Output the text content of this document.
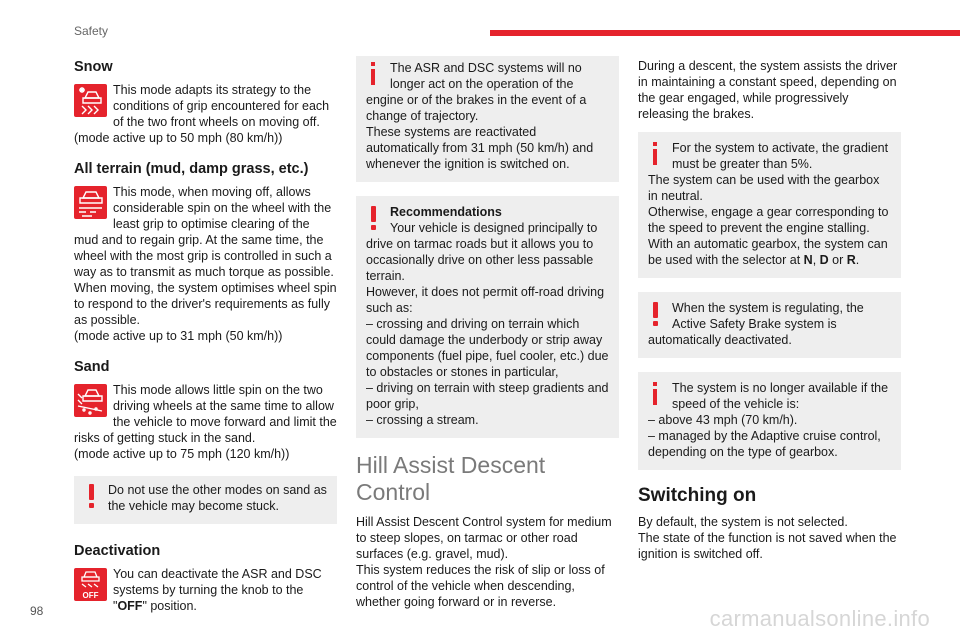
Safety
Snow

This mode adapts its strategy to the conditions of grip encountered for each of the two front wheels on moving off.
(mode active up to 50 mph (80 km/h))

All terrain (mud, damp grass, etc.)

This mode, when moving off, allows considerable spin on the wheel with the least grip to optimise clearing of the mud and to regain grip. At the same time, the wheel with the most grip is controlled in such a way as to transmit as much torque as possible.
When moving, the system optimises wheel spin to respond to the driver's requirements as fully as possible.
(mode active up to 31 mph (50 km/h))

Sand

This mode allows little spin on the two driving wheels at the same time to allow the vehicle to move forward and limit the risks of getting stuck in the sand.
(mode active up to 75 mph (120 km/h))

Do not use the other modes on sand as the vehicle may become stuck.

Deactivation
OFF

You can deactivate the ASR and DSC systems by turning the knob to the "OFF" position.

The ASR and DSC systems will no longer act on the operation of the engine or of the brakes in the event of a change of trajectory.
These systems are reactivated automatically from 31 mph (50 km/h) and whenever the ignition is switched on.

Recommendations

Your vehicle is designed principally to drive on tarmac roads but it allows you to occasionally drive on other less passable terrain.
However, it does not permit off-road driving such as:
– crossing and driving on terrain which could damage the underbody or strip away components (fuel pipe, fuel cooler, etc.) due to obstacles or stones in particular,
– driving on terrain with steep gradients and poor grip,
– crossing a stream.

Hill Assist Descent Control

Hill Assist Descent Control system for medium to steep slopes, on tarmac or other road surfaces (e.g. gravel, mud).
This system reduces the risk of slip or loss of control of the vehicle when descending, whether going forward or in reverse.

During a descent, the system assists the driver in maintaining a constant speed, depending on the gear engaged, while progressively releasing the brakes.

For the system to activate, the gradient must be greater than 5%.
The system can be used with the gearbox in neutral.
Otherwise, engage a gear corresponding to the speed to prevent the engine stalling.
With an automatic gearbox, the system can be used with the selector at N, D or R.

When the system is regulating, the Active Safety Brake system is automatically deactivated.

The system is no longer available if the speed of the vehicle is:
– above 43 mph (70 km/h).
– managed by the Adaptive cruise control, depending on the type of gearbox.

Switching on

By default, the system is not selected.
The state of the function is not saved when the ignition is switched off.

98	carmanualsonline.info
